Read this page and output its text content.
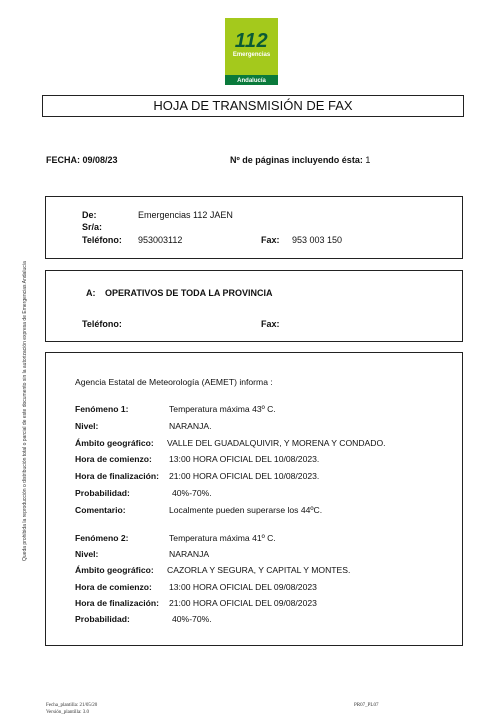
112
Emergencias
Andalucía
HOJA DE TRANSMISIÓN DE FAX
FECHA: 09/08/23	Nº de páginas incluyendo ésta: 1
De:	Emergencias 112 JAEN
Sr/a:
Teléfono: 953003112	Fax: 953 003 150
A: OPERATIVOS DE TODA LA PROVINCIA
Teléfono:	Fax:
Agencia Estatal de Meteorología (AEMET) informa :
Fenómeno 1:	Temperatura máxima 43º C.
Nivel:	NARANJA.
Ámbito geográfico: VALLE DEL GUADALQUIVIR, Y MORENA Y CONDADO.
Hora de comienzo: 13:00 HORA OFICIAL DEL 10/08/2023.
Hora de finalización: 21:00 HORA OFICIAL DEL 10/08/2023.
Probabilidad:	40%-70%.
Comentario:	Localmente pueden superarse los 44ºC.
Fenómeno 2:	Temperatura máxima 41º C.
Nivel:	NARANJA
Ámbito geográfico: CAZORLA Y SEGURA, Y CAPITAL Y MONTES.
Hora de comienzo: 13:00 HORA OFICIAL DEL 09/08/2023
Hora de finalización: 21:00 HORA OFICIAL DEL 09/08/2023
Probabilidad:	40%-70%.
Queda prohibida la reproducción o distribución total o parcial de este documento sin la autorización expresa de Emergencias Andalucía
Fecha_plantilla: 21/05/20
Versión_plantilla: 3.0
PR07_PL07
